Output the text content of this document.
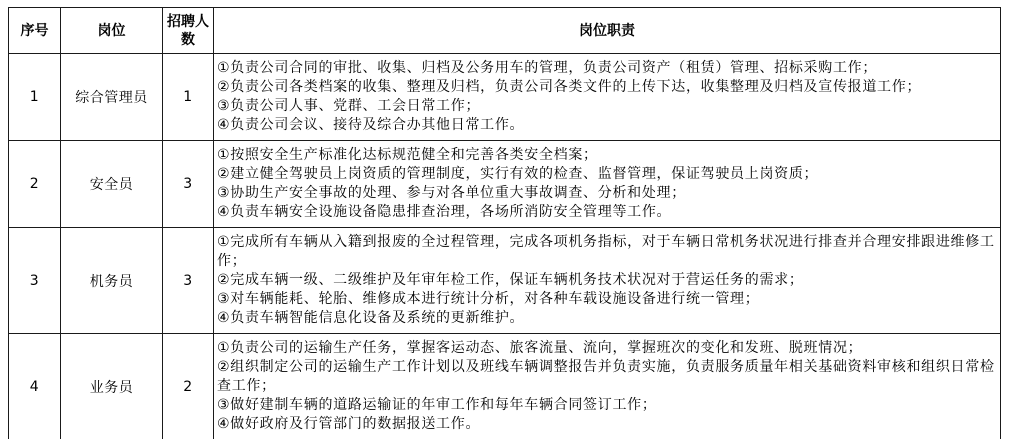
序号	岗位	招聘人数	岗位职责
1	综合管理员	1	①负责公司合同的审批、收集、归档及公务用车的管理，负责公司资产（租赁）管理、招标采购工作；
②负责公司各类档案的收集、整理及归档，负责公司各类文件的上传下达，收集整理及归档及宣传报道工作；
③负责公司人事、党群、工会日常工作；
④负责公司会议、接待及综合办其他日常工作。

2	安全员	3	①按照安全生产标准化达标规范健全和完善各类安全档案；
②建立健全驾驶员上岗资质的管理制度，实行有效的检查、监督管理，保证驾驶员上岗资质；
③协助生产安全事故的处理、参与对各单位重大事故调查、分析和处理；
④负责车辆安全设施设备隐患排查治理，各场所消防安全管理等工作。

3	机务员	3	①完成所有车辆从入籍到报废的全过程管理，完成各项机务指标，对于车辆日常机务状况进行排查并合理安排跟进维修工作；
②完成车辆一级、二级维护及年审年检工作，保证车辆机务技术状况对于营运任务的需求；
③对车辆能耗、轮胎、维修成本进行统计分析，对各种车载设施设备进行统一管理；
④负责车辆智能信息化设备及系统的更新维护。

4	业务员	2	①负责公司的运输生产任务，掌握客运动态、旅客流量、流向，掌握班次的变化和发班、脱班情况；
②组织制定公司的运输生产工作计划以及班线车辆调整报告并负责实施，负责服务质量年相关基础资料审核和组织日常检查工作；
③做好建制车辆的道路运输证的年审工作和每年车辆合同签订工作；
④做好政府及行管部门的数据报送工作。
